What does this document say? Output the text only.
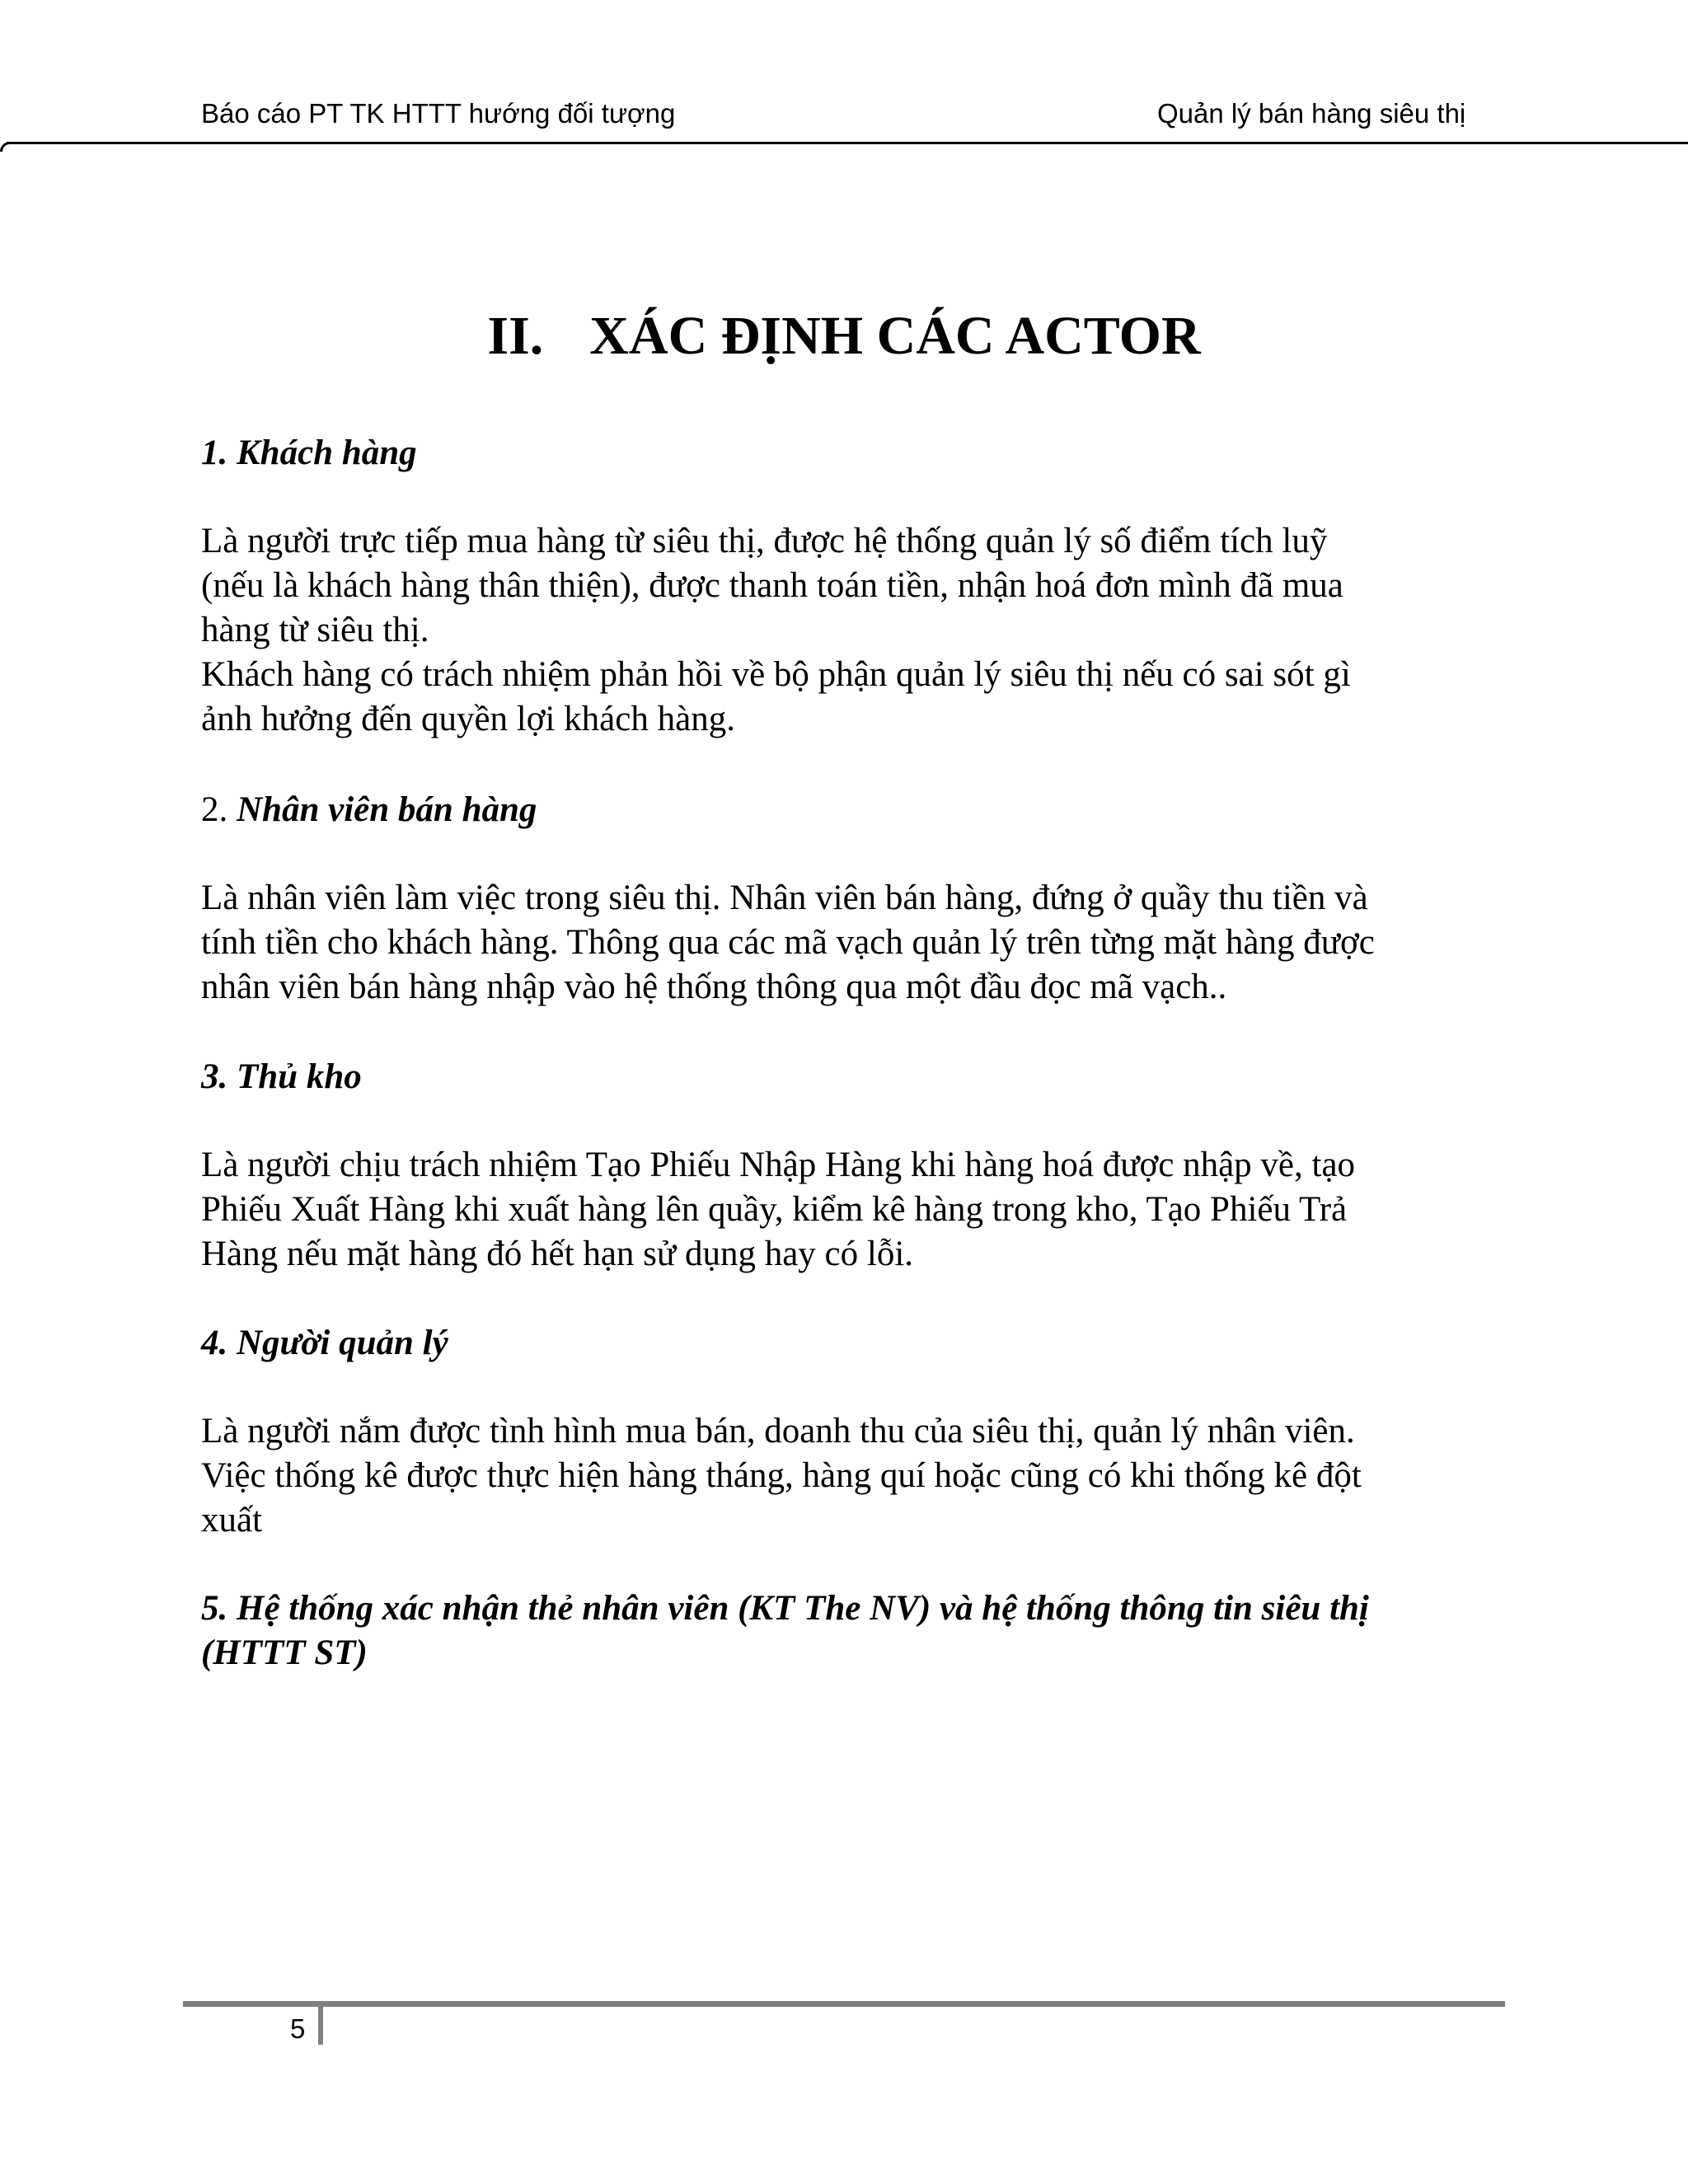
Báo cáo PT TK HTTT hướng đối tượng	Quản lý bán hàng siêu thị
II. XÁC ĐỊNH CÁC ACTOR
1. Khách hàng
Là người trực tiếp mua hàng từ siêu thị, được hệ thống quản lý số điểm tích luỹ
(nếu là khách hàng thân thiện), được thanh toán tiền, nhận hoá đơn mình đã mua
hàng từ siêu thị.
Khách hàng có trách nhiệm phản hồi về bộ phận quản lý siêu thị nếu có sai sót gì
ảnh hưởng đến quyền lợi khách hàng.
2. Nhân viên bán hàng
Là nhân viên làm việc trong siêu thị. Nhân viên bán hàng, đứng ở quầy thu tiền và
tính tiền cho khách hàng. Thông qua các mã vạch quản lý trên từng mặt hàng được
nhân viên bán hàng nhập vào hệ thống thông qua một đầu đọc mã vạch..
3. Thủ kho
Là người chịu trách nhiệm Tạo Phiếu Nhập Hàng khi hàng hoá được nhập về, tạo
Phiếu Xuất Hàng khi xuất hàng lên quầy, kiểm kê hàng trong kho, Tạo Phiếu Trả
Hàng nếu mặt hàng đó hết hạn sử dụng hay có lỗi.
4. Người quản lý
Là người nắm được tình hình mua bán, doanh thu của siêu thị, quản lý nhân viên.
Việc thống kê được thực hiện hàng tháng, hàng quí hoặc cũng có khi thống kê đột
xuất
5. Hệ thống xác nhận thẻ nhân viên (KT The NV) và hệ thống thông tin siêu thị
(HTTT ST)
5
